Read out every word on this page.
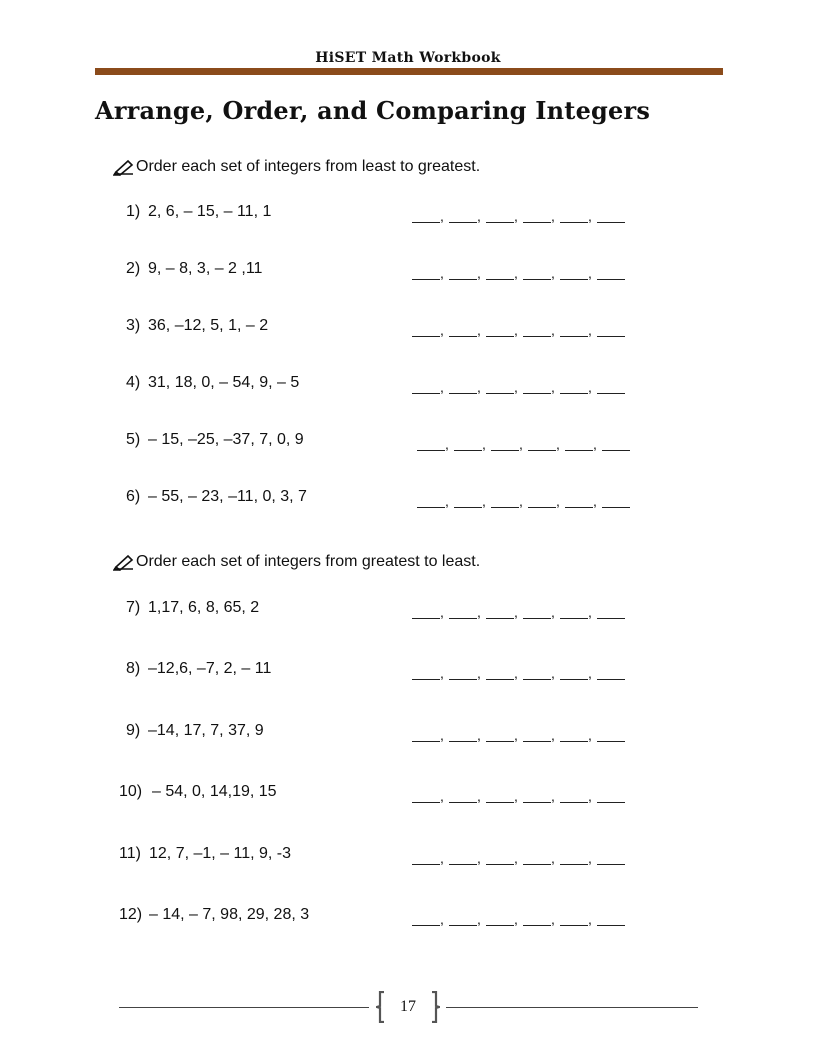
HiSET Math Workbook
Arrange, Order, and Comparing Integers
Order each set of integers from least to greatest.
1) 2, 6, – 15, – 11, 1	,	,	,	,	,
2) 9, – 8, 3, – 2 ,11	,	,	,	,	,
3) 36, –12, 5, 1, – 2	,	,	,	,	,
4) 31, 18, 0, – 54, 9, – 5	,	,	,	,	,
5) – 15, –25, –37, 7, 0, 9	,	,	,	,	,
6) – 55, – 23, –11, 0, 3, 7	,	,	,	,	,
Order each set of integers from greatest to least.
7) 1,17, 6, 8, 65, 2	,	,	,	,	,
8) –12,6, –7, 2, – 11	,	,	,	,	,
9) –14, 17, 7, 37, 9	,	,	,	,	,
10) – 54, 0, 14,19, 15	,	,	,	,	,
11) 12, 7, –1, – 11, 9, -3	,	,	,	,	,
12) – 14, – 7, 98, 29, 28, 3	,	,	,	,	,
17
